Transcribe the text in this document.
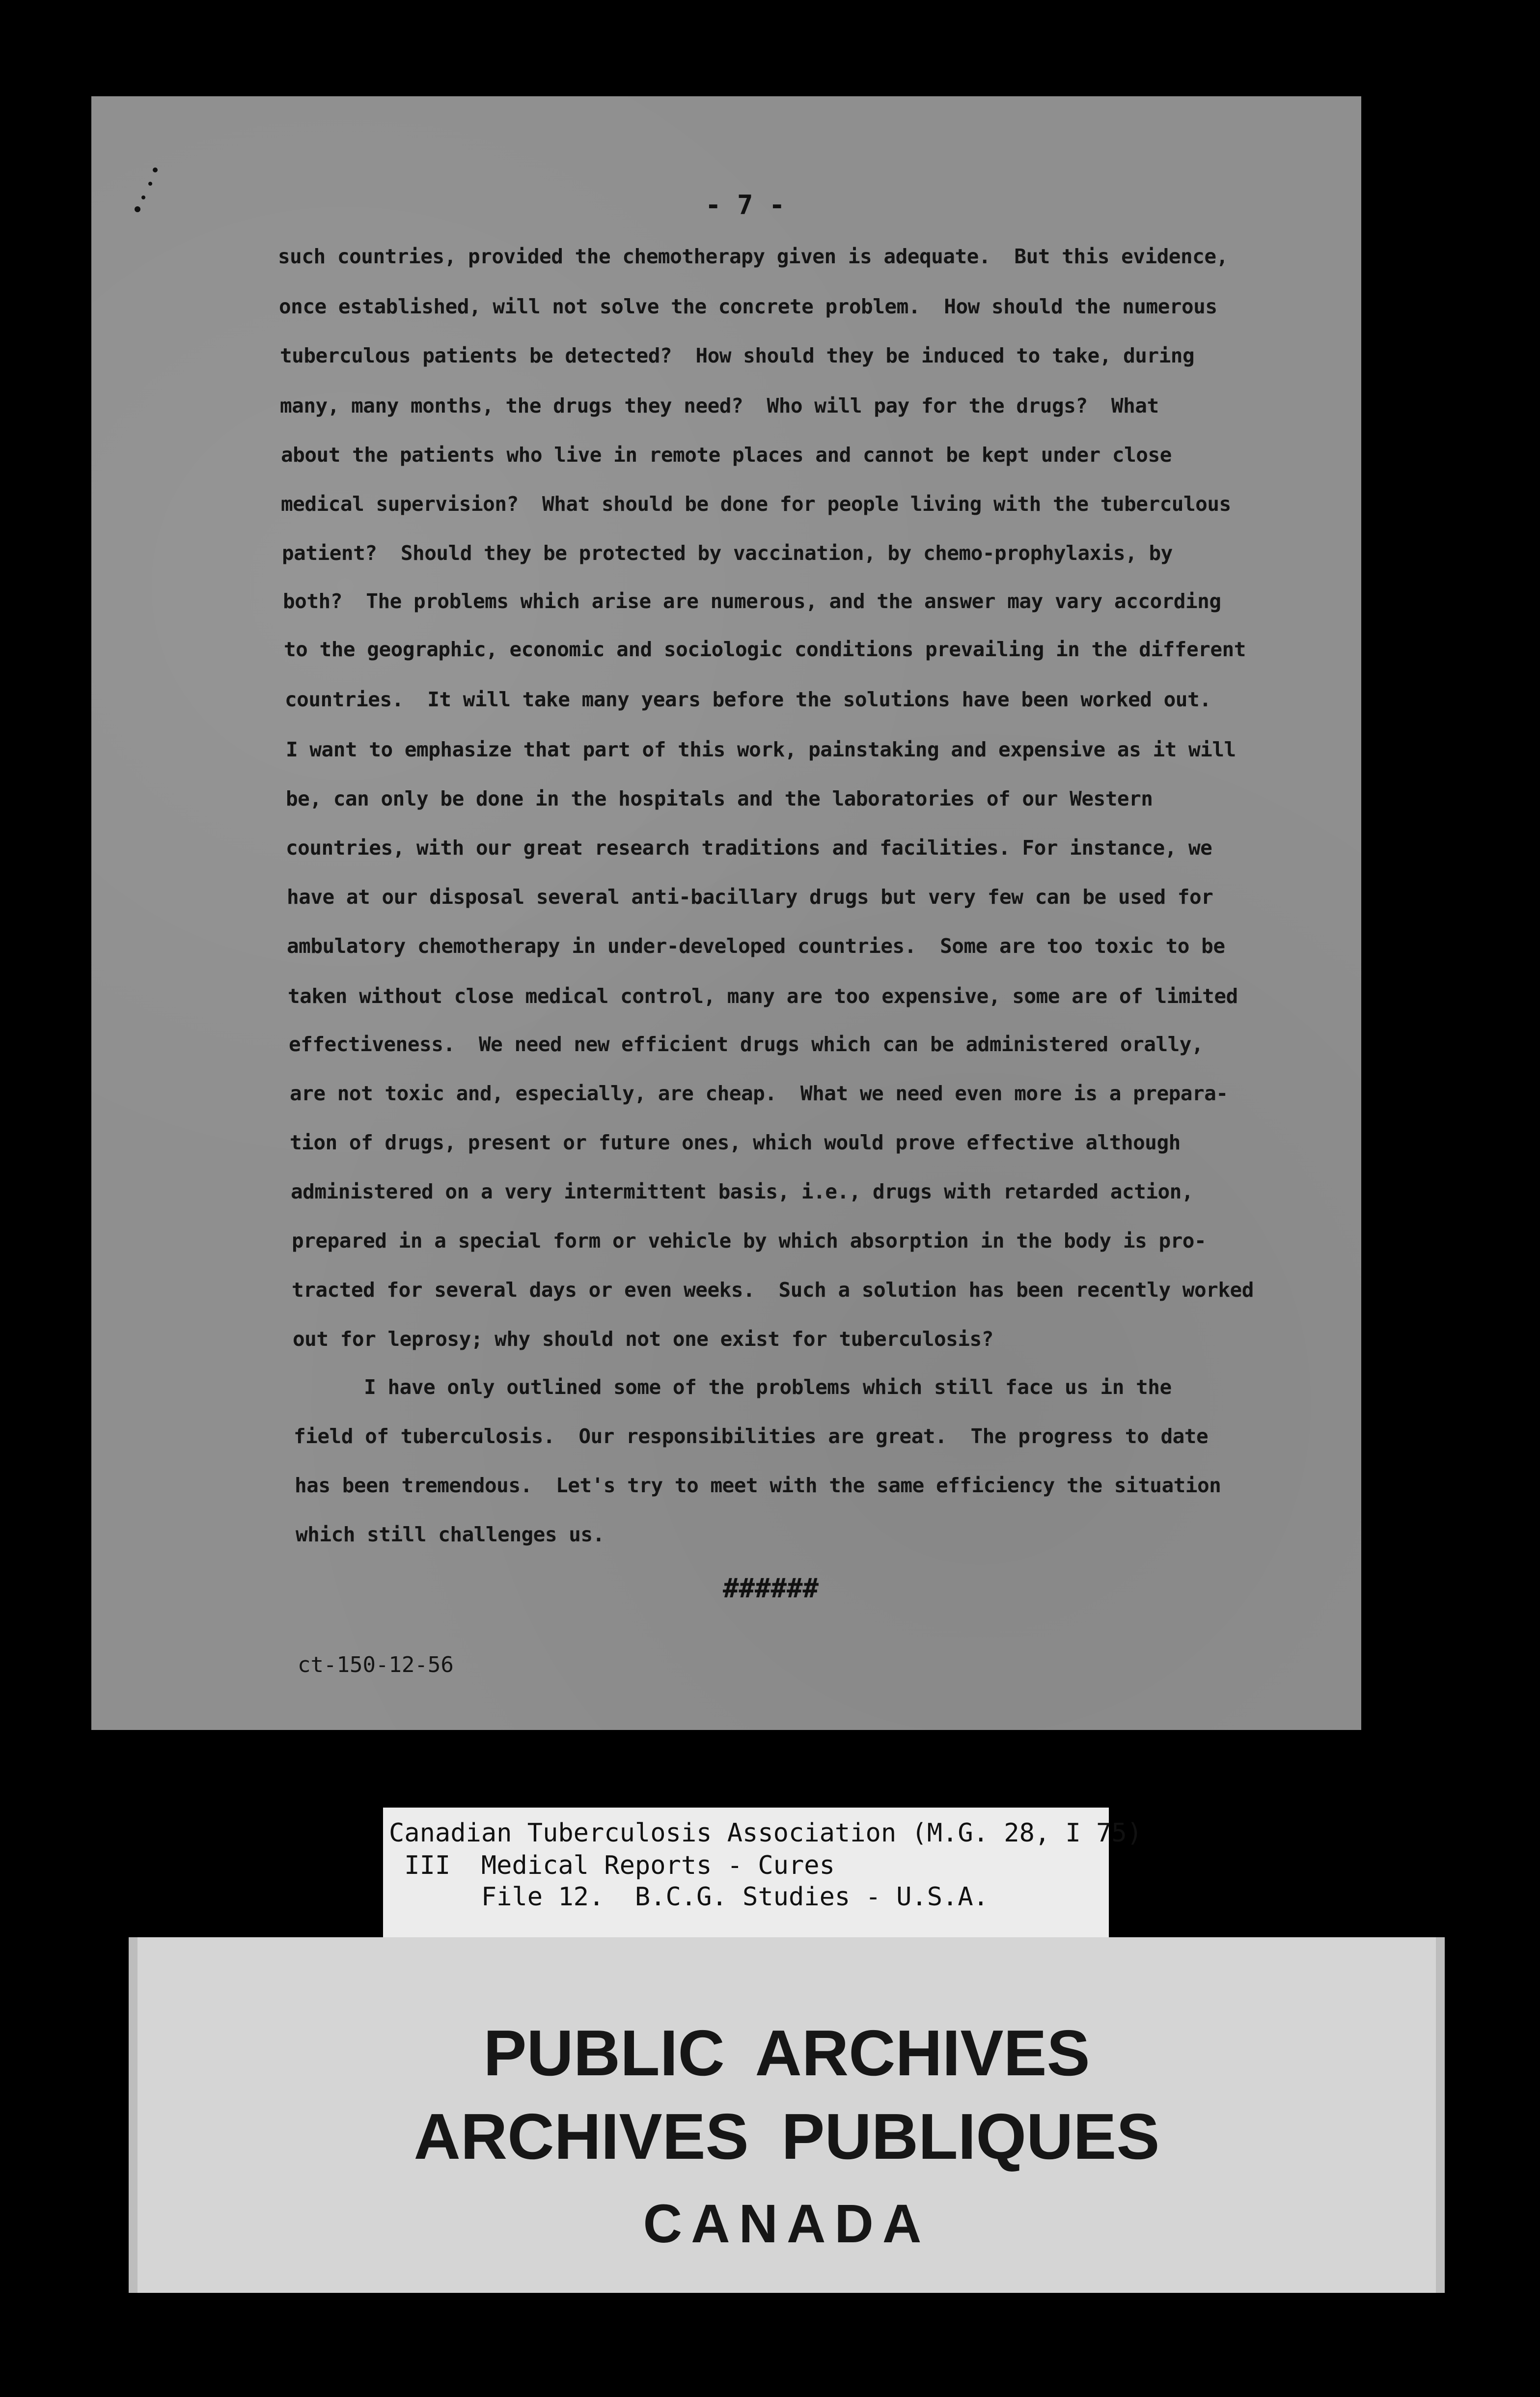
- 7 -
such countries, provided the chemotherapy given is adequate.  But this evidence,
once established, will not solve the concrete problem.  How should the numerous
tuberculous patients be detected?  How should they be induced to take, during
many, many months, the drugs they need?  Who will pay for the drugs?  What
about the patients who live in remote places and cannot be kept under close
medical supervision?  What should be done for people living with the tuberculous
patient?  Should they be protected by vaccination, by chemo-prophylaxis, by
both?  The problems which arise are numerous, and the answer may vary according
to the geographic, economic and sociologic conditions prevailing in the different
countries.  It will take many years before the solutions have been worked out.
I want to emphasize that part of this work, painstaking and expensive as it will
be, can only be done in the hospitals and the laboratories of our Western
countries, with our great research traditions and facilities. For instance, we
have at our disposal several anti-bacillary drugs but very few can be used for
ambulatory chemotherapy in under-developed countries.  Some are too toxic to be
taken without close medical control, many are too expensive, some are of limited
effectiveness.  We need new efficient drugs which can be administered orally,
are not toxic and, especially, are cheap.  What we need even more is a prepara-
tion of drugs, present or future ones, which would prove effective although
administered on a very intermittent basis, i.e., drugs with retarded action,
prepared in a special form or vehicle by which absorption in the body is pro-
tracted for several days or even weeks.  Such a solution has been recently worked
out for leprosy; why should not one exist for tuberculosis?
I have only outlined some of the problems which still face us in the
field of tuberculosis.  Our responsibilities are great.  The progress to date
has been tremendous.  Let's try to meet with the same efficiency the situation
which still challenges us.
######
ct-150-12-56
Canadian Tuberculosis Association (M.G. 28, I 75)
III  Medical Reports - Cures
File 12.  B.C.G. Studies - U.S.A.
PUBLIC ARCHIVES
ARCHIVES PUBLIQUES
CANADA
